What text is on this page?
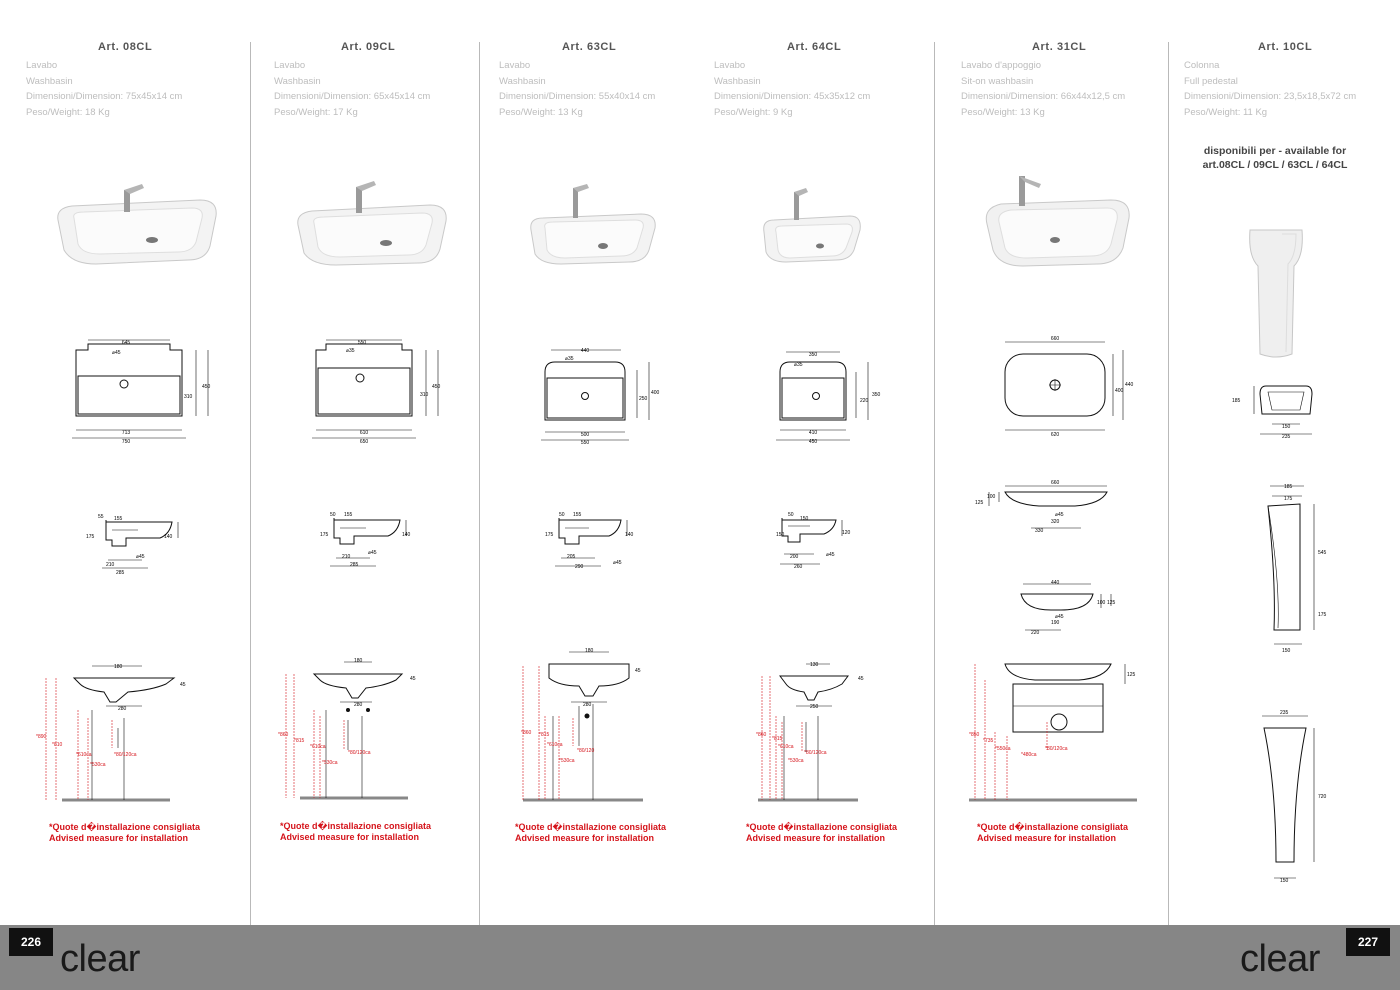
Art. 08CL
Lavabo
Washbasin
Dimensioni/Dimension: 75x45x14 cm
Peso/Weight: 18 Kg
645
⌀45
713
750
310
450
55 155
175	140
210
285
⌀45
180
45
280
*890
*810
*610ca
*530ca
*80/120ca
*Quote d�installazione consigliata
Advised measure for installation
Art. 09CL
Lavabo
Washbasin
Dimensioni/Dimension: 65x45x14 cm
Peso/Weight: 17 Kg
550
⌀35
610
650
310
450
50 155
175	140
210
285
⌀45
180
45
280
*860
*815
*610ca
*530ca
*80/120ca
*Quote d�installazione consigliata
Advised measure for installation
Art. 63CL
Lavabo
Washbasin
Dimensioni/Dimension: 55x40x14 cm
Peso/Weight: 13 Kg
440
⌀35
500
550
250
400
50 155
175	140
205
290
⌀45
180
45
280
*860 *815
*610ca
*530ca
*80/120
*Quote d�installazione consigliata
Advised measure for installation
Art. 64CL
Lavabo
Washbasin
Dimensioni/Dimension: 45x35x12 cm
Peso/Weight: 9 Kg
350
⌀35
410
450
220
350
50
150
150	120
200
260
⌀45
130
45
250
*860
*815
*610ca
*530ca
*80/120ca
*Quote d�installazione consigliata
Advised measure for installation
Art. 31CL
Lavabo d'appoggio
Sit-on washbasin
Dimensioni/Dimension: 66x44x12,5 cm
Peso/Weight: 13 Kg
660
620
400
440
660
125
100
⌀45
320
330
440
100 125
⌀45
190
220
125
*850
*735
*550ca
*480ca
*80/120ca
*Quote d�installazione consigliata
Advised measure for installation
Art. 10CL
Colonna
Full pedestal
Dimensioni/Dimension: 23,5x18,5x72 cm
Peso/Weight: 11 Kg
disponibili per - available for
art.08CL / 09CL / 63CL / 64CL
185
150
235
185
175
545
175
150
235
720
150
226 clear	clear	227
